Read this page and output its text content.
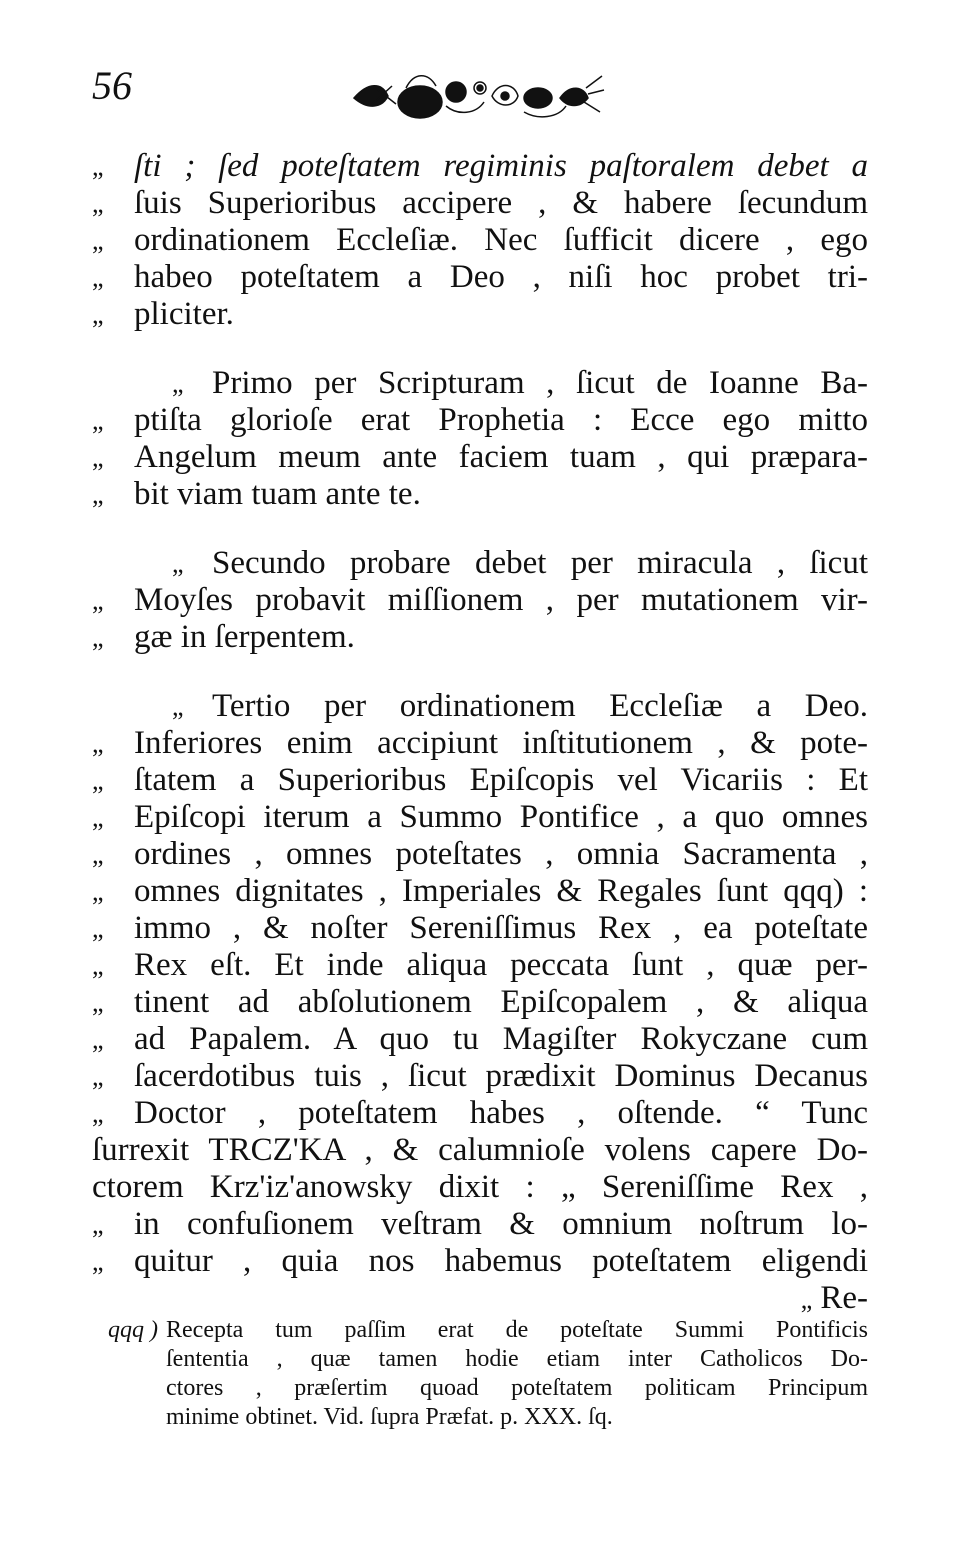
56
„ ſti ; ſed poteſtatem regiminis paſtoralem debet a
„ ſuis Superioribus accipere , & habere ſecundum
„ ordinationem Eccleſiæ. Nec ſufficit dicere , ego
„ habeo poteſtatem a Deo , niſi hoc probet tri-
„ pliciter.
„ Primo per Scripturam , ſicut de Ioanne Ba-
„ ptiſta glorioſe erat Prophetia : Ecce ego mitto
„ Angelum meum ante faciem tuam , qui præpara-
„ bit viam tuam ante te.
„ Secundo probare debet per miracula , ſicut
„ Moyſes probavit miſſionem , per mutationem vir-
„ gæ in ſerpentem.
„ Tertio per ordinationem Eccleſiæ a Deo.
„ Inferiores enim accipiunt inſtitutionem , & pote-
„ ſtatem a Superioribus Epiſcopis vel Vicariis : Et
„ Epiſcopi iterum a Summo Pontifice , a quo omnes
„ ordines , omnes poteſtates , omnia Sacramenta ,
„ omnes dignitates , Imperiales & Regales ſunt qqq) :
„ immo , & noſter Sereniſſimus Rex , ea poteſtate
„ Rex eſt. Et inde aliqua peccata ſunt , quæ per-
„ tinent ad abſolutionem Epiſcopalem , & aliqua
„ ad Papalem. A quo tu Magiſter Rokyczane cum
„ ſacerdotibus tuis , ſicut prædixit Dominus Decanus
„ Doctor , poteſtatem habes , oſtende. “ Tunc
ſurrexit TRCZ'KA , & calumnioſe volens capere Do-
ctorem Krz'iz'anowsky dixit : „ Sereniſſime Rex ,
„ in confuſionem veſtram & omnium noſtrum lo-
„ quitur , quia nos habemus poteſtatem eligendi
„ Re-
qqq ) Recepta tum paſſim erat de poteſtate Summi Pontificis
ſententia , quæ tamen hodie etiam inter Catholicos Do-
ctores , præſertim quoad poteſtatem politicam Principum
minime obtinet. Vid. ſupra Præfat. p. XXX. ſq.
